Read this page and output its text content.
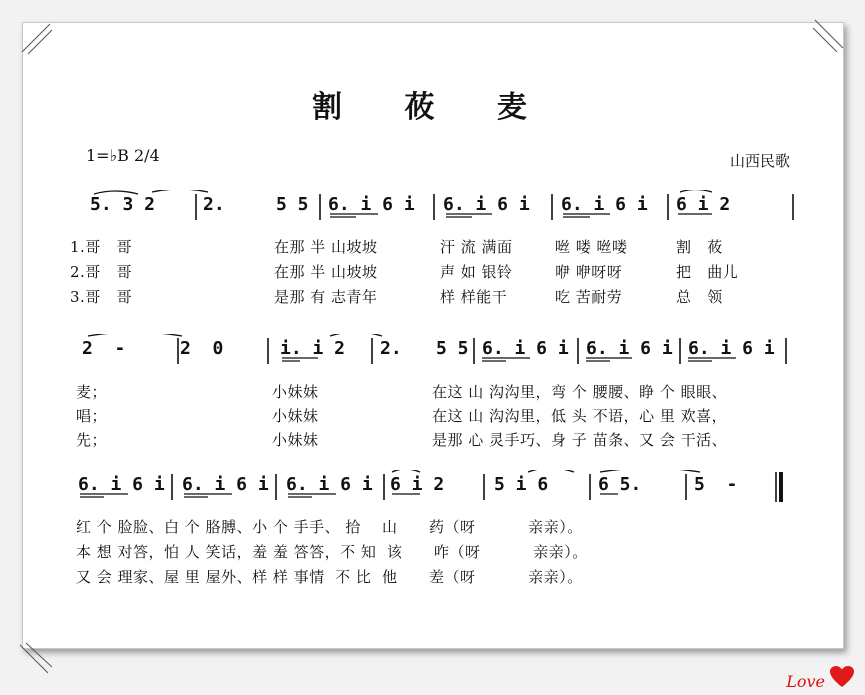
割 莜 麦
1=♭B 2/4	山西民歌
5. 3 2	2.	5 5 6. i 6 i 6. i 6 i 6. i 6 i 6 i 2
1.哥   哥	在那 半 山坡坡	汗 流 满面	咝 喽 咝喽	割   莜
2.哥   哥	在那 半 山坡坡	声 如 银铃	咿 咿呀呀	把   曲儿
3.哥   哥	是那 有 志青年	样 样能干	吃 苦耐劳	总   领
2  -	2  0	i. i 2 2. 5 5 6. i 6 i 6. i 6 i 6. i 6 i
麦；	小妹妹	在这 山 沟沟里，弯 个 腰腰、睁 个 眼眼、
唱；	小妹妹	在这 山 沟沟里，低 头 不语，心 里 欢喜，
先；	小妹妹	是那 心 灵手巧、身 子 苗条、又 会 干活、
6. i 6 i 6. i 6 i 6. i 6 i 6 i 2	5 i 6	6 5.	5  -
红 个 脸脸、白 个 胳膊、小 个 手手、 拾    山      药（呀          亲亲）。
本 想 对答，怕 人 笑话，羞 羞 答答，不 知  该      咋（呀          亲亲）。
又 会 理家、屋 里 屋外、样 样 事情  不 比  他      差（呀          亲亲）。
Love
